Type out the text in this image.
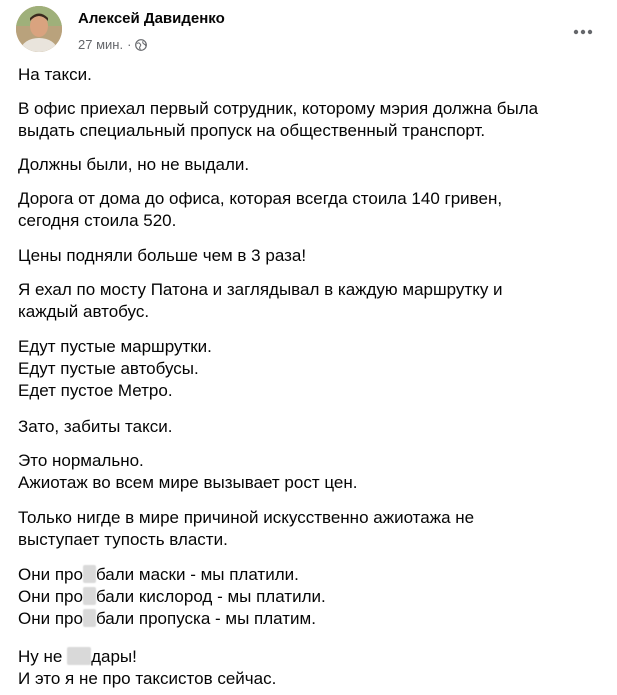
Алексей Давиденко
27 мин. ·
На такси.
В офис приехал первый сотрудник, которому мэрия должна была
выдать специальный пропуск на общественный транспорт.
Должны были, но не выдали.
Дорога от дома до офиса, которая всегда стоила 140 гривен,
сегодня стоила 520.
Цены подняли больше чем в 3 раза!
Я ехал по мосту Патона и заглядывал в каждую маршрутку и
каждый автобус.
Едут пустые маршрутки.
Едут пустые автобусы.
Едет пустое Метро.
Зато, забиты такси.
Это нормально.
Ажиотаж во всем мире вызывает рост цен.
Только нигде в мире причиной искусственно ажиотажа не
выступает тупость власти.
Они про бали маски - мы платили.
Они про бали кислород - мы платили.
Они про бали пропуска - мы платим.
Ну не дары!
И это я не про таксистов сейчас.
